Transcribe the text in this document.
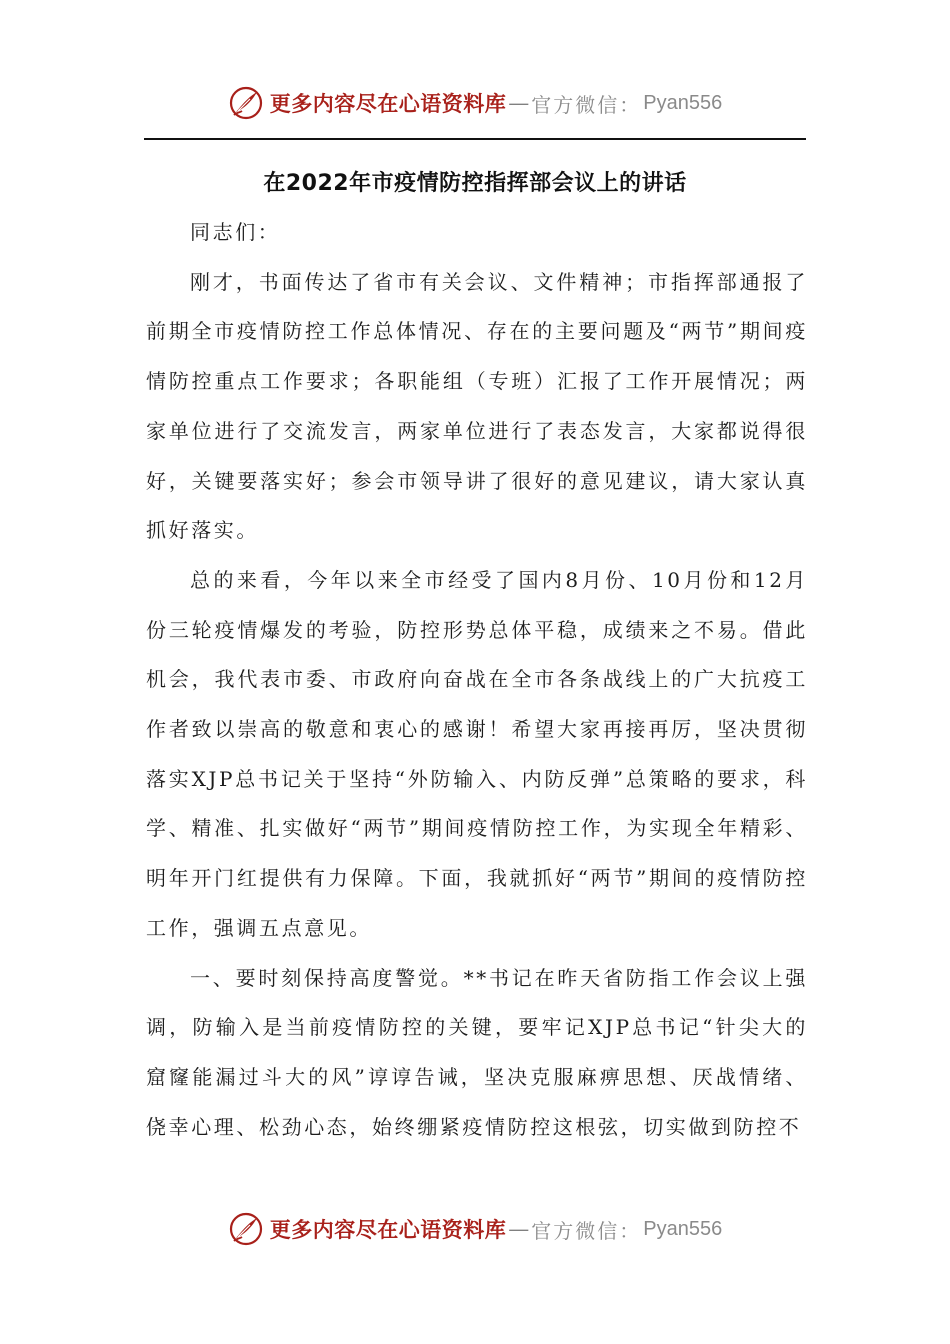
更多内容尽在心语资料库 — 官方微信： Pyan556
在2022年市疫情防控指挥部会议上的讲话

同志们：

刚才，书面传达了省市有关会议、文件精神；市指挥部通报了前期全市疫情防控工作总体情况、存在的主要问题及“两节”期间疫情防控重点工作要求；各职能组（专班）汇报了工作开展情况；两家单位进行了交流发言，两家单位进行了表态发言，大家都说得很好，关键要落实好；参会市领导讲了很好的意见建议，请大家认真抓好落实。

总的来看，今年以来全市经受了国内8月份、10月份和12月份三轮疫情爆发的考验，防控形势总体平稳，成绩来之不易。借此机会，我代表市委、市政府向奋战在全市各条战线上的广大抗疫工作者致以崇高的敬意和衷心的感谢！希望大家再接再厉，坚决贯彻落实XJP总书记关于坚持“外防输入、内防反弹”总策略的要求，科学、精准、扎实做好“两节”期间疫情防控工作，为实现全年精彩、明年开门红提供有力保障。下面，我就抓好“两节”期间的疫情防控工作，强调五点意见。

一、要时刻保持高度警觉。**书记在昨天省防指工作会议上强调，防输入是当前疫情防控的关键，要牢记XJP总书记“针尖大的窟窿能漏过斗大的风”谆谆告诫，坚决克服麻痹思想、厌战情绪、侥幸心理、松劲心态，始终绷紧疫情防控这根弦，切实做到防控不

更多内容尽在心语资料库 — 官方微信： Pyan556
